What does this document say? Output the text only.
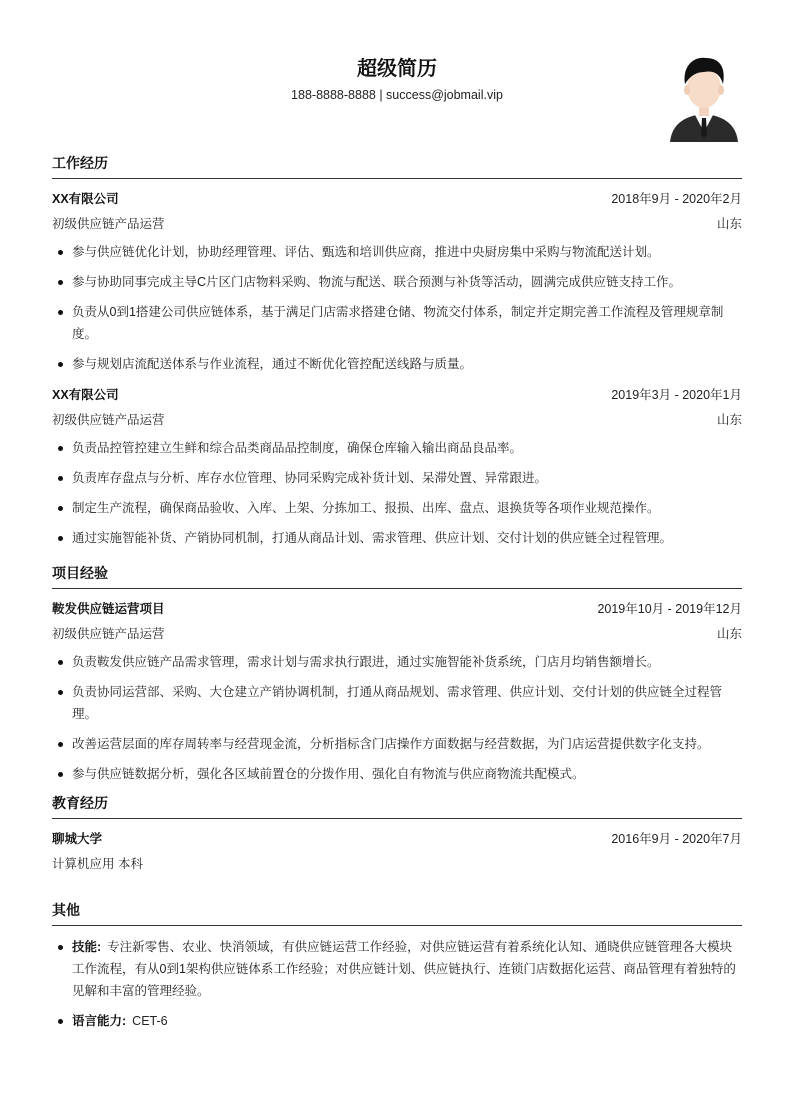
超级简历
188-8888-8888 | success@jobmail.vip
工作经历
XX有限公司	2018年9月 - 2020年2月
初级供应链产品运营	山东
参与供应链优化计划，协助经理管理、评估、甄选和培训供应商，推进中央厨房集中采购与物流配送计划。
参与协助同事完成主导C片区门店物料采购、物流与配送、联合预测与补货等活动，圆满完成供应链支持工作。
负责从0到1搭建公司供应链体系，基于满足门店需求搭建仓储、物流交付体系，制定并定期完善工作流程及管理规章制度。
参与规划店流配送体系与作业流程，通过不断优化管控配送线路与质量。
XX有限公司	2019年3月 - 2020年1月
初级供应链产品运营	山东
负责品控管控建立生鲜和综合品类商品品控制度，确保仓库输入输出商品良品率。
负责库存盘点与分析、库存水位管理、协同采购完成补货计划、呆滞处置、异常跟进。
制定生产流程，确保商品验收、入库、上架、分拣加工、报损、出库、盘点、退换货等各项作业规范操作。
通过实施智能补货、产销协同机制，打通从商品计划、需求管理、供应计划、交付计划的供应链全过程管理。
项目经验
鞍发供应链运营项目	2019年10月 - 2019年12月
初级供应链产品运营	山东
负责鞍发供应链产品需求管理，需求计划与需求执行跟进，通过实施智能补货系统，门店月均销售额增长。
负责协同运营部、采购、大仓建立产销协调机制，打通从商品规划、需求管理、供应计划、交付计划的供应链全过程管理。
改善运营层面的库存周转率与经营现金流，分析指标含门店操作方面数据与经营数据，为门店运营提供数字化支持。
参与供应链数据分析，强化各区域前置仓的分拨作用、强化自有物流与供应商物流共配模式。
教育经历
聊城大学	2016年9月 - 2020年7月
计算机应用 本科
其他
技能: 专注新零售、农业、快消领域，有供应链运营工作经验，对供应链运营有着系统化认知、通晓供应链管理各大模块工作流程，有从0到1架构供应链体系工作经验；对供应链计划、供应链执行、连锁门店数据化运营、商品管理有着独特的见解和丰富的管理经验。
语言能力: CET-6
